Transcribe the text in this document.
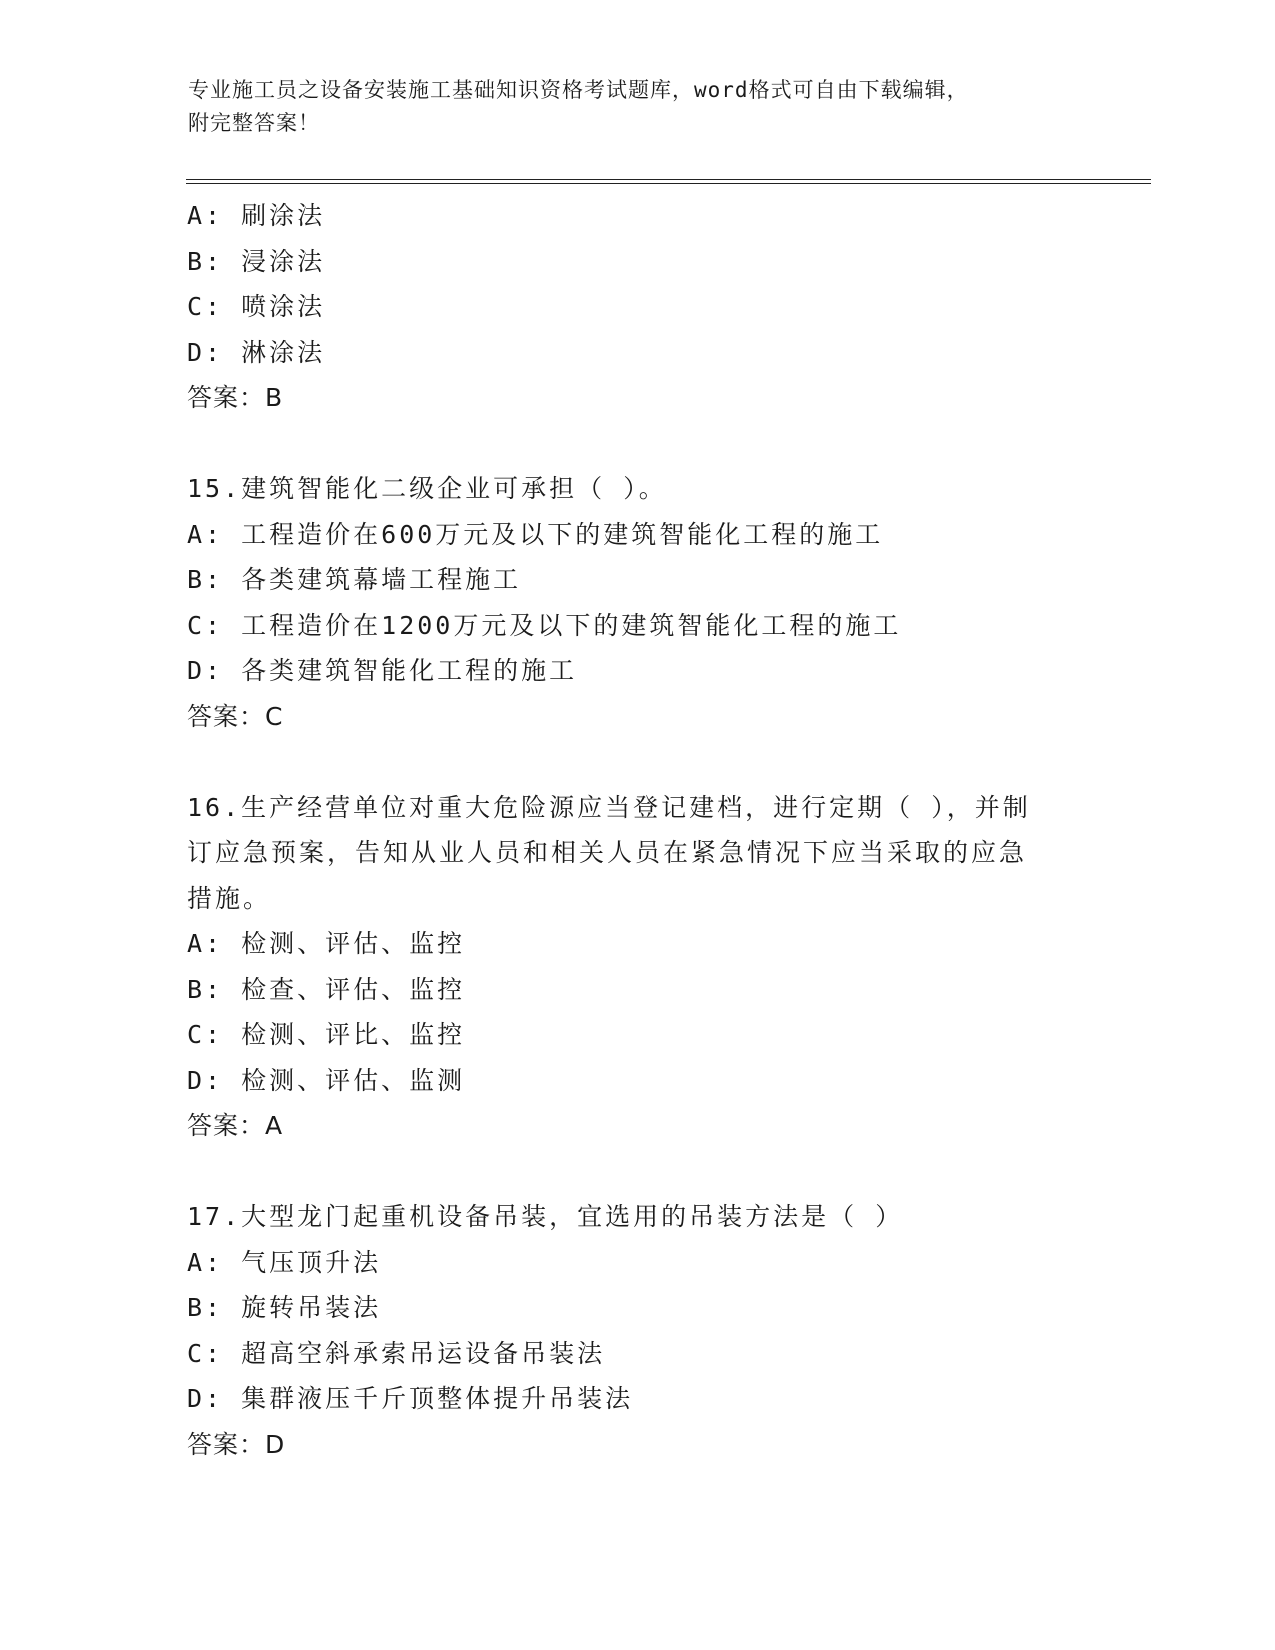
专业施工员之设备安装施工基础知识资格考试题库，word格式可自由下载编辑，
附完整答案！
A: 刷涂法
B: 浸涂法
C: 喷涂法
D: 淋涂法
答案：B
15.建筑智能化二级企业可承担（ ）。
A: 工程造价在600万元及以下的建筑智能化工程的施工
B: 各类建筑幕墙工程施工
C: 工程造价在1200万元及以下的建筑智能化工程的施工
D: 各类建筑智能化工程的施工
答案：C
16.生产经营单位对重大危险源应当登记建档，进行定期（ ），并制
订应急预案，告知从业人员和相关人员在紧急情况下应当采取的应急
措施。
A: 检测、评估、监控
B: 检查、评估、监控
C: 检测、评比、监控
D: 检测、评估、监测
答案：A
17.大型龙门起重机设备吊装，宜选用的吊装方法是（ ）
A: 气压顶升法
B: 旋转吊装法
C: 超高空斜承索吊运设备吊装法
D: 集群液压千斤顶整体提升吊装法
答案：D
